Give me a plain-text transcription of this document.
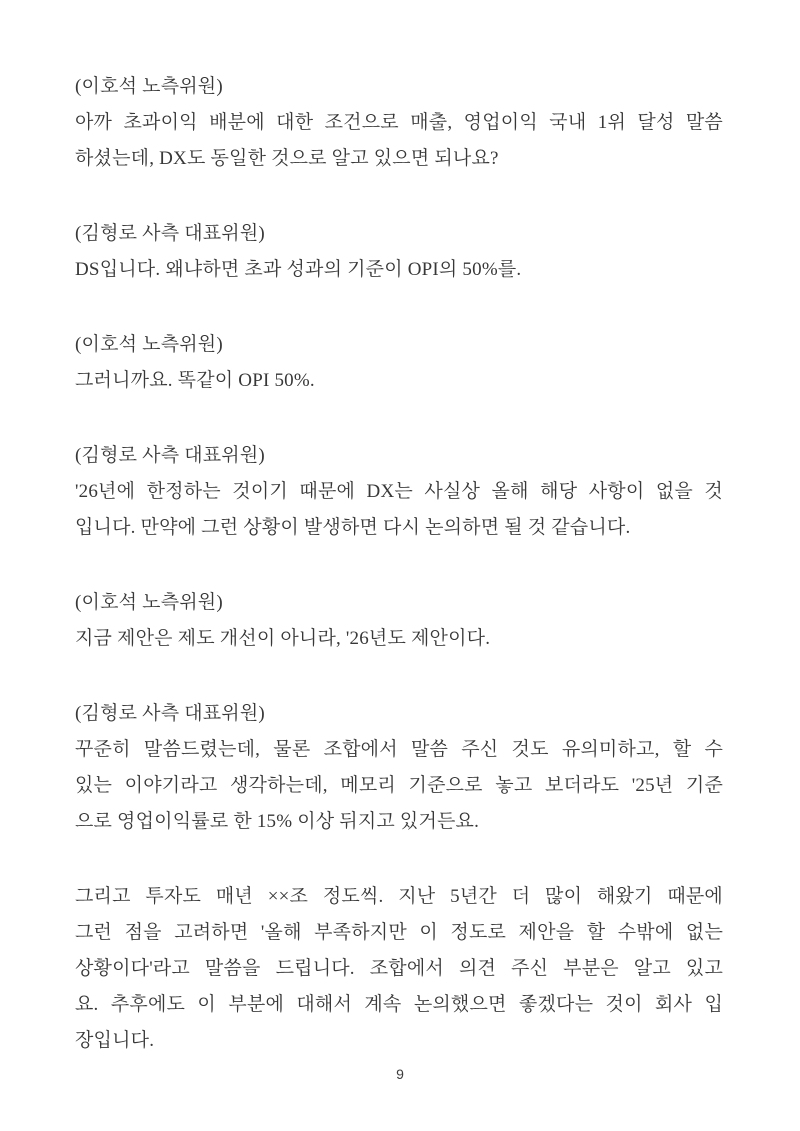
(이호석 노측위원)
아까 초과이익 배분에 대한 조건으로 매출, 영업이익 국내 1위 달성 말씀
하셨는데, DX도 동일한 것으로 알고 있으면 되나요?
(김형로 사측 대표위원)
DS입니다. 왜냐하면 초과 성과의 기준이 OPI의 50%를.
(이호석 노측위원)
그러니까요. 똑같이 OPI 50%.
(김형로 사측 대표위원)
'26년에 한정하는 것이기 때문에 DX는 사실상 올해 해당 사항이 없을 것
입니다. 만약에 그런 상황이 발생하면 다시 논의하면 될 것 같습니다.
(이호석 노측위원)
지금 제안은 제도 개선이 아니라, '26년도 제안이다.
(김형로 사측 대표위원)
꾸준히 말씀드렸는데, 물론 조합에서 말씀 주신 것도 유의미하고, 할 수
있는 이야기라고 생각하는데, 메모리 기준으로 놓고 보더라도 '25년 기준
으로 영업이익률로 한 15% 이상 뒤지고 있거든요.
그리고 투자도 매년 ××조 정도씩. 지난 5년간 더 많이 해왔기 때문에
그런 점을 고려하면 '올해 부족하지만 이 정도로 제안을 할 수밖에 없는
상황이다'라고 말씀을 드립니다. 조합에서 의견 주신 부분은 알고 있고
요. 추후에도 이 부분에 대해서 계속 논의했으면 좋겠다는 것이 회사 입
장입니다.
9
